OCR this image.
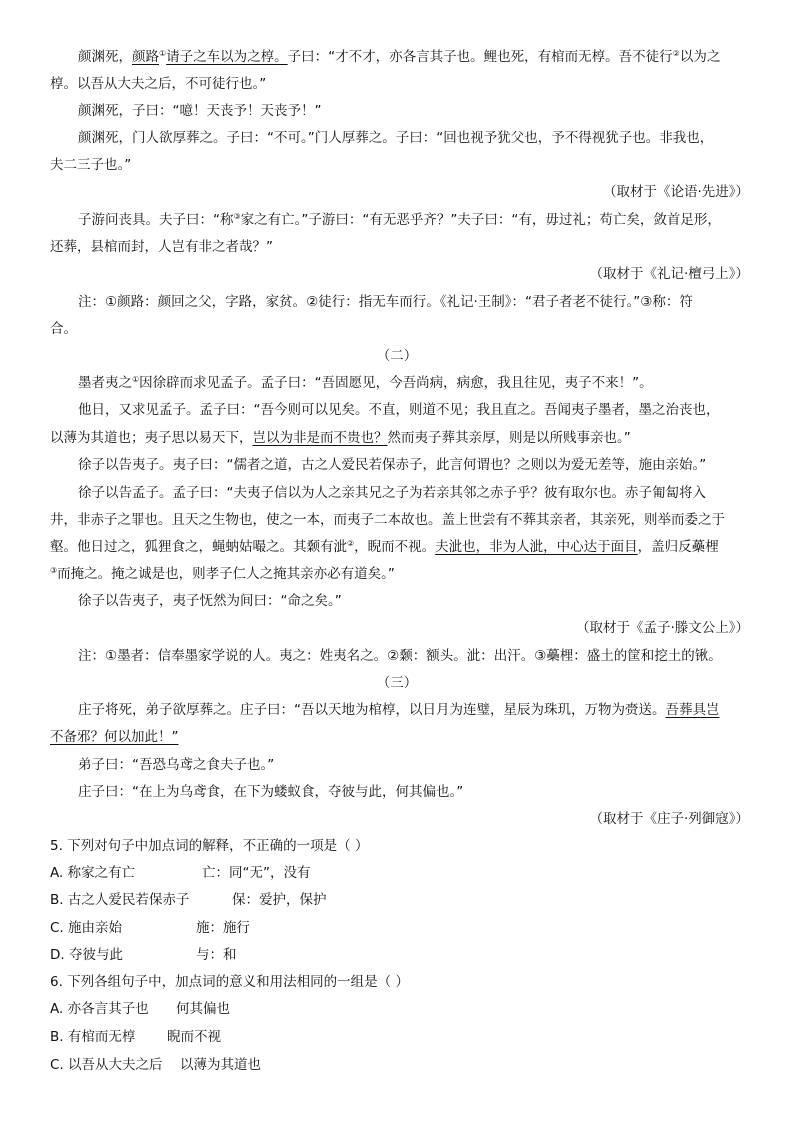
颜渊死，颜路①请子之车以为之椁。子曰：“才不才，亦各言其子也。鲤也死，有棺而无椁。吾不徒行②以为之
椁。以吾从大夫之后，不可徒行也。”
颜渊死，子曰：“噫！天丧予！天丧予！”
颜渊死，门人欲厚葬之。子曰：“不可。”门人厚葬之。子曰：“回也视予犹父也，予不得视犹子也。非我也，
夫二三子也。”
（取材于《论语·先进》）
子游问丧具。夫子曰：“称③家之有亡。”子游曰：“有无恶乎齐？”夫子曰：“有，毋过礼；苟亡矣，敛首足形，
还葬，县棺而封，人岂有非之者哉？”
（取材于《礼记·檀弓上》）
注：①颜路：颜回之父，字路，家贫。②徒行：指无车而行。《礼记·王制》：“君子者老不徒行。”③称：符
合。
（二）
墨者夷之①因徐辟而求见孟子。孟子曰：“吾固愿见，今吾尚病，病愈，我且往见，夷子不来！”。
他日，又求见孟子。孟子曰：“吾今则可以见矣。不直，则道不见；我且直之。吾闻夷子墨者，墨之治丧也，
以薄为其道也；夷子思以易天下，岂以为非是而不贵也？然而夷子葬其亲厚，则是以所贱事亲也。”
徐子以告夷子。夷子曰：“儒者之道，古之人爱民若保赤子，此言何谓也？之则以为爱无差等，施由亲始。”
徐子以告孟子。孟子曰：“夫夷子信以为人之亲其兄之子为若亲其邻之赤子乎？彼有取尔也。赤子匍匐将入
井，非赤子之罪也。且天之生物也，使之一本，而夷子二本故也。盖上世尝有不葬其亲者，其亲死，则举而委之于
壑。他日过之，狐狸食之，蝇蚋姑嘬之。其颡有泚②，睨而不视。夫泚也，非为人泚，中心达于面目，盖归反蘽梩
③而掩之。掩之诚是也，则孝子仁人之掩其亲亦必有道矣。”
徐子以告夷子，夷子怃然为间曰：“命之矣。”
（取材于《孟子·滕文公上》）
注：①墨者：信奉墨家学说的人。夷之：姓夷名之。②颡：额头。泚：出汗。③蘽梩：盛土的筐和挖土的锹。
（三）
庄子将死，弟子欲厚葬之。庄子曰：“吾以天地为棺椁，以日月为连璧，星辰为珠玑，万物为赍送。吾葬具岂
不备邪？何以加此！”
弟子曰：“吾恐乌鸢之食夫子也。”
庄子曰：“在上为乌鸢食，在下为蝼蚁食，夺彼与此，何其偏也。”
（取材于《庄子·列御寇》）
5. 下列对句子中加点词的解释，不正确的一项是（ ）
A. 称家之有亡	亡：同“无”，没有
B. 古之人爱民若保赤子	保：爱护，保护
C. 施由亲始	施：施行
D. 夺彼与此	与：和
6. 下列各组句子中，加点词的意义和用法相同的一组是（ ）
A. 亦各言其子也 何其偏也
B. 有棺而无椁 睨而不视
C. 以吾从大夫之后 以薄为其道也
